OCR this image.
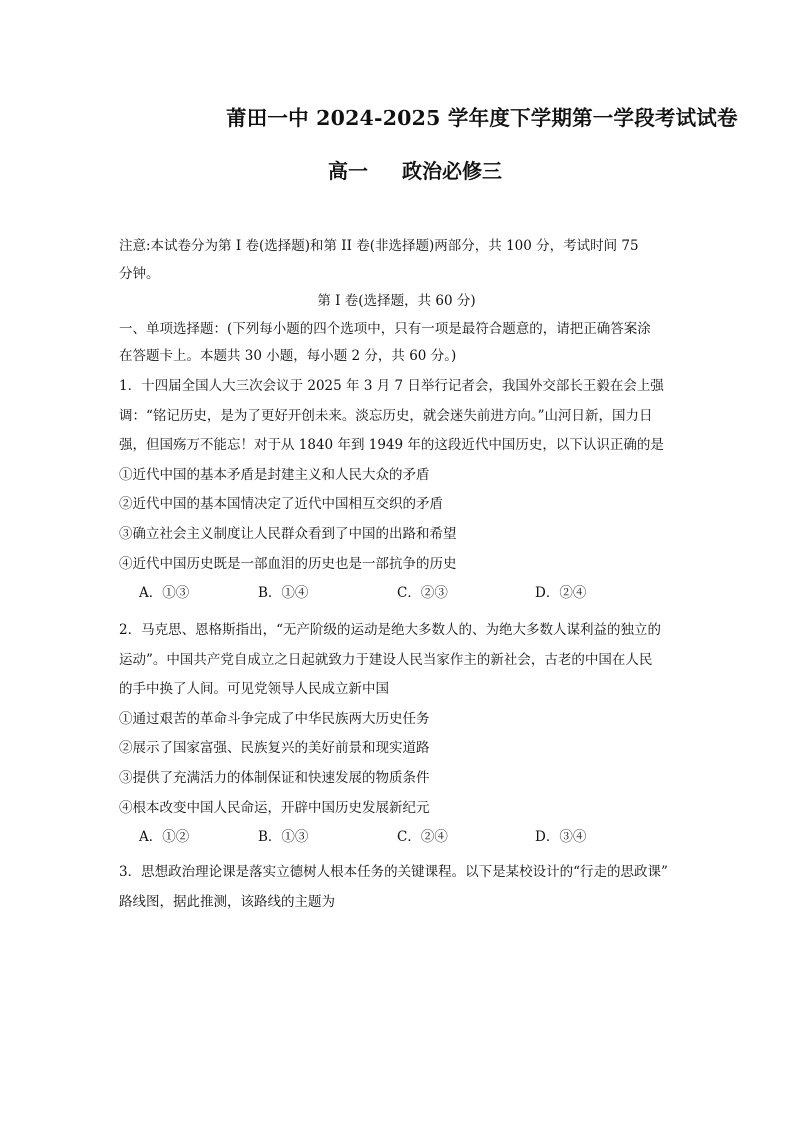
莆田一中 2024-2025 学年度下学期第一学段考试试卷
高一 政治必修三
注意:本试卷分为第 I 卷(选择题)和第 II 卷(非选择题)两部分，共 100 分，考试时间 75
分钟。
第 I 卷(选择题，共 60 分)
一、单项选择题：(下列每小题的四个选项中，只有一项是最符合题意的，请把正确答案涂
在答题卡上。本题共 30 小题，每小题 2 分，共 60 分。)
1．十四届全国人大三次会议于 2025 年 3 月 7 日举行记者会，我国外交部长王毅在会上强
调：“铭记历史，是为了更好开创未来。淡忘历史，就会迷失前进方向。”山河日新，国力日
强，但国殇万不能忘！对于从 1840 年到 1949 年的这段近代中国历史，以下认识正确的是
①近代中国的基本矛盾是封建主义和人民大众的矛盾
②近代中国的基本国情决定了近代中国相互交织的矛盾
③确立社会主义制度让人民群众看到了中国的出路和希望
④近代中国历史既是一部血泪的历史也是一部抗争的历史
A．①③	B．①④	C．②③	D．②④
2．马克思、恩格斯指出，“无产阶级的运动是绝大多数人的、为绝大多数人谋利益的独立的
运动”。中国共产党自成立之日起就致力于建设人民当家作主的新社会，古老的中国在人民
的手中换了人间。可见党领导人民成立新中国
①通过艰苦的革命斗争完成了中华民族两大历史任务
②展示了国家富强、民族复兴的美好前景和现实道路
③提供了充满活力的体制保证和快速发展的物质条件
④根本改变中国人民命运，开辟中国历史发展新纪元
A．①②	B．①③	C．②④	D．③④
3．思想政治理论课是落实立德树人根本任务的关键课程。以下是某校设计的“行走的思政课”
路线图，据此推测，该路线的主题为
